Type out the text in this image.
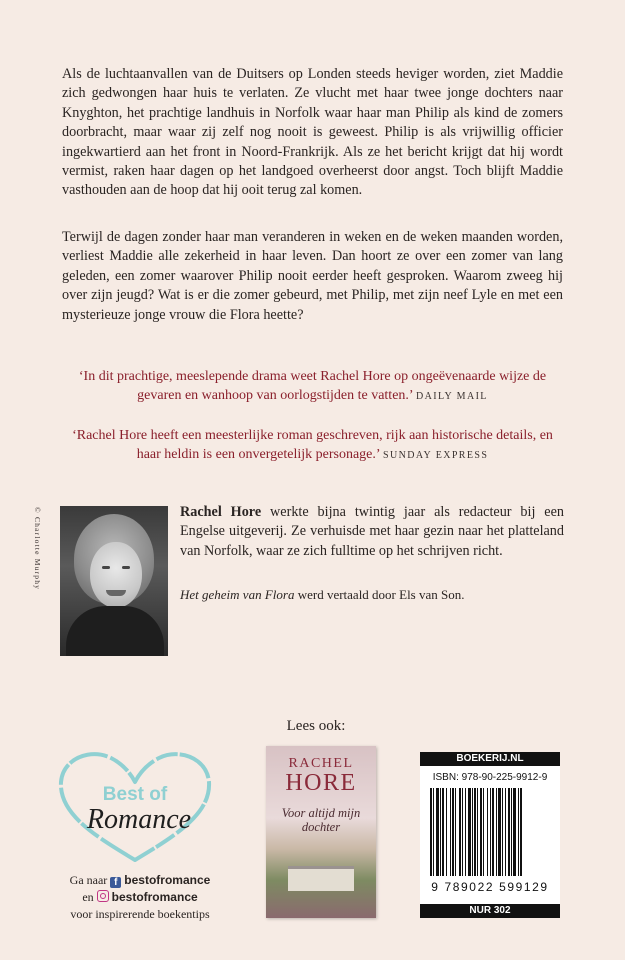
Als de luchtaanvallen van de Duitsers op Londen steeds heviger worden, ziet Maddie zich gedwongen haar huis te verlaten. Ze vlucht met haar twee jonge dochters naar Knyghton, het prachtige landhuis in Norfolk waar haar man Philip als kind de zomers doorbracht, maar waar zij zelf nog nooit is geweest. Philip is als vrijwillig officier ingekwartierd aan het front in Noord-Frankrijk. Als ze het bericht krijgt dat hij wordt vermist, raken haar dagen op het landgoed overheerst door angst. Toch blijft Maddie vasthouden aan de hoop dat hij ooit terug zal komen.

Terwijl de dagen zonder haar man veranderen in weken en de weken maanden worden, verliest Maddie alle zekerheid in haar leven. Dan hoort ze over een zomer van lang geleden, een zomer waarover Philip nooit eerder heeft gesproken. Waarom zweeg hij over zijn jeugd? Wat is er die zomer gebeurd, met Philip, met zijn neef Lyle en met een mysterieuze jonge vrouw die Flora heette?

‘In dit prachtige, meeslepende drama weet Rachel Hore op ongeëvenaarde wijze de gevaren en wanhoop van oorlogstijden te vatten.’ DAILY MAIL

‘Rachel Hore heeft een meesterlijke roman geschreven, rijk aan historische details, en haar heldin is een onvergetelijk personage.’ SUNDAY EXPRESS

© Charlotte Murphy	Rachel Hore werkte bijna twintig jaar als redacteur bij een Engelse uitgeverij. Ze verhuisde met haar gezin naar het platteland van Norfolk, waar ze zich fulltime op het schrijven richt.

Het geheim van Flora werd vertaald door Els van Son.

Lees ook:

Best of
Romance

Ga naar f bestofromance
en  bestofromance
voor inspirerende boekentips

RACHEL
HORE
Voor altijd mijn dochter
BOEKERIJ.NL
ISBN: 978-90-225-9912-9
9 789022 599129
NUR 302
